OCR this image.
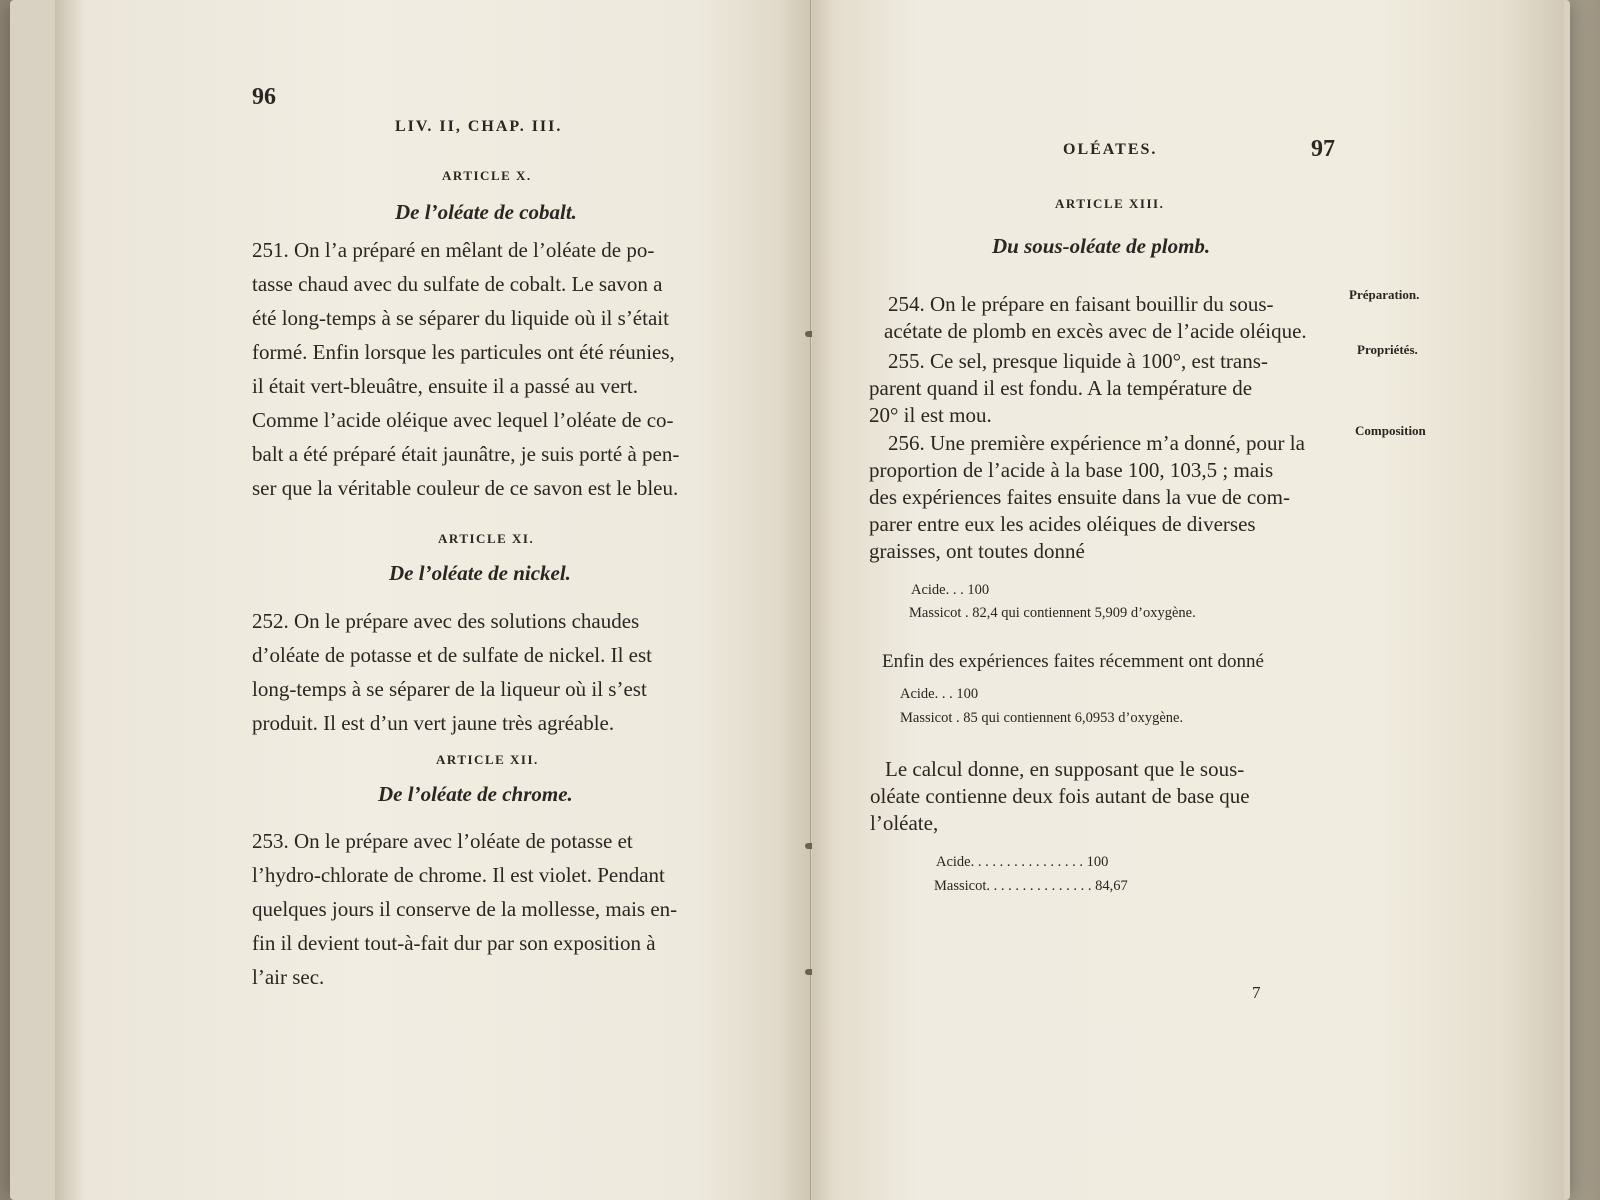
96
LIV. II, CHAP. III.
ARTICLE X.
De l’oléate de cobalt.
251. On l’a préparé en mêlant de l’oléate de po-
tasse chaud avec du sulfate de cobalt. Le savon a
été long-temps à se séparer du liquide où il s’était
formé. Enfin lorsque les particules ont été réunies,
il était vert-bleuâtre, ensuite il a passé au vert.
Comme l’acide oléique avec lequel l’oléate de co-
balt a été préparé était jaunâtre, je suis porté à pen-
ser que la véritable couleur de ce savon est le bleu.
ARTICLE XI.
De l’oléate de nickel.
252. On le prépare avec des solutions chaudes
d’oléate de potasse et de sulfate de nickel. Il est
long-temps à se séparer de la liqueur où il s’est
produit. Il est d’un vert jaune très agréable.
ARTICLE XII.
De l’oléate de chrome.
253. On le prépare avec l’oléate de potasse et
l’hydro-chlorate de chrome. Il est violet. Pendant
quelques jours il conserve de la mollesse, mais en-
fin il devient tout-à-fait dur par son exposition à
l’air sec.
OLÉATES.	97
ARTICLE XIII.
Du sous-oléate de plomb.
Préparation.
Propriétés.
Composition
254. On le prépare en faisant bouillir du sous-
acétate de plomb en excès avec de l’acide oléique.
255. Ce sel, presque liquide à 100°, est trans-
parent quand il est fondu. A la température de
20° il est mou.
256. Une première expérience m’a donné, pour la
proportion de l’acide à la base 100, 103,5 ; mais
des expériences faites ensuite dans la vue de com-
parer entre eux les acides oléiques de diverses
graisses, ont toutes donné
Acide. . . 100
Massicot . 82,4 qui contiennent 5,909 d’oxygène.
Enfin des expériences faites récemment ont donné
Acide. . . 100
Massicot . 85 qui contiennent 6,0953 d’oxygène.
Le calcul donne, en supposant que le sous-
oléate contienne deux fois autant de base que
l’oléate,
Acide. . . . . . . . . . . . . . . . 100
Massicot. . . . . . . . . . . . . . . 84,67
7
